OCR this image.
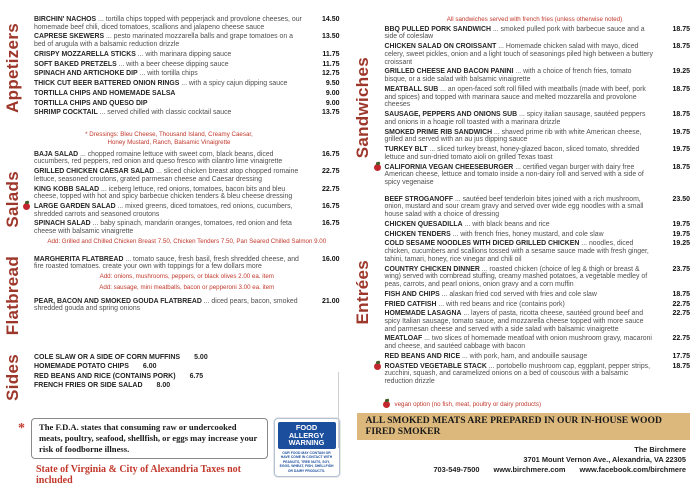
Appetizers
BIRCHIN' NACHOS ... tortilla chips topped with pepperjack and provolone cheeses, our homemade beef chili, diced tomatoes, scallions and jalapeno cheese sauce
14.50
CAPRESE SKEWERS ... pesto marinated mozzarella balls and grape tomatoes on a bed of arugula with a balsamic reduction drizzle
13.50
CRISPY MOZZARELLA STICKS ... with marinara dipping sauce	11.75
SOFT BAKED PRETZELS ... with a beer cheese dipping sauce	11.75
SPINACH AND ARTICHOKE DIP ... with tortilla chips	12.75
THICK CUT BEER BATTERED ONION RINGS ... with a spicy cajun dipping sauce	9.50
TORTILLA CHIPS AND HOMEMADE SALSA	9.00
TORTILLA CHIPS AND QUESO DIP	9.00
SHRIMP COCKTAIL ... served chilled with classic cocktail sauce	13.75
* Dressings: Bleu Cheese, Thousand Island, Creamy Caesar,
Honey Mustard, Ranch, Balsamic Vinaigrette
Salads
BAJA SALAD ... chopped romaine lettuce with sweet corn, black beans, diced cucumbers, red peppers, red onion and queso fresco with cilantro lime vinaigrette
16.75
GRILLED CHICKEN CAESAR SALAD ... sliced chicken breast atop chopped romaine lettuce, seasoned croutons, grated parmesan cheese and Caesar dressing
22.75
KING KOBB SALAD ... iceberg lettuce, red onions, tomatoes, bacon bits and bleu cheese, topped with hot and spicy barbecue chicken tenders & bleu cheese dressing
22.75
LARGE GARDEN SALAD ... mixed greens, diced tomatoes, red onions, cucumbers, shredded carrots and seasoned croutons
16.75
SPINACH SALAD ... baby spinach, mandarin oranges, tomatoes, red onion and feta cheese with balsamic vinaigrette
16.75
Add: Grilled and Chilled Chicken Breast 7.50, Chicken Tenders 7.50, Pan Seared Chilled Salmon 9.00
Flatbread MARGHERITA FLATBREAD ... tomato sauce, fresh basil, fresh shredded cheese, and fire roasted tomatoes. create your own with toppings for a few dollars more
16.00
Add: onions, mushrooms, peppers, or black olives 2.00 ea. item
Add: sausage, mini meatballs, bacon or pepperoni 3.00 ea. item
PEAR, BACON AND SMOKED GOUDA FLATBREAD ... diced pears, bacon, smoked shredded gouda and spring onions
21.00
Sides COLE SLAW OR A SIDE OF CORN MUFFINS 5.00
HOMEMADE POTATO CHIPS 6.00
RED BEANS AND RICE (CONTAINS PORK) 6.75
FRENCH FRIES OR SIDE SALAD 8.00
*	The F.D.A. states that consuming raw or undercooked meats, poultry, seafood, shellfish, or eggs may increase your risk of foodborne illness.
State of Virginia & City of Alexandria Taxes not included
FOOD ALLERGY WARNING
OUR FOOD MAY CONTAIN OR HAVE COME IN CONTACT WITH PEANUTS, TREE NUTS, SOY, EGGS, WHEAT, FISH, SHELLFISH OR DAIRY PRODUCTS.
All sandwiches served with french fries (unless otherwise noted)
Sandwiches
BBQ PULLED PORK SANDWICH ... smoked pulled pork with barbecue sauce and a side of coleslaw
18.75
CHICKEN SALAD ON CROISSANT ... Homemade chicken salad with mayo, diced celery, sweet pickles, onion and a light touch of seasonings piled high between a buttery croissant
18.75
GRILLED CHEESE AND BACON PANINI ... with a choice of french fries, tomato bisque, or a side salad with balsamic vinaigrette
19.25
MEATBALL SUB ... an open-faced soft roll filled with meatballs (made with beef, pork and spices) and topped with marinara sauce and melted mozzarella and provolone cheeses
18.75
SAUSAGE, PEPPERS AND ONIONS SUB ... spicy italian sausage, sautéed peppers and onions in a hoagie roll toasted with a marinara drizzle
18.75
SMOKED PRIME RIB SANDWICH ... shaved prime rib with white American cheese, grilled and served with an au jus dipping sauce
19.75
TURKEY BLT ... sliced turkey breast, honey-glazed bacon, sliced tomato, shredded lettuce and sun-dried tomato aioli on grilled Texas toast
19.75
CALIFORNIA VEGAN CHEESEBURGER ... certified vegan burger with dairy free American cheese, lettuce and tomato inside a non-dairy roll and served with a side of spicy vegenaise
18.75
Entrées
BEEF STROGANOFF ... sautéed beef tenderloin bites joined with a rich mushroom, onion, mustard and sour cream gravy and served over wide egg noodles with a small house salad with a choice of dressing
23.50
CHICKEN QUESADILLA ... with black beans and rice	19.75
CHICKEN TENDERS ... with french fries, honey mustard, and cole slaw	19.75
COLD SESAME NOODLES WITH DICED GRILLED CHICKEN ... noodles, diced chicken, cucumbers and scallions tossed with a sesame sauce made with fresh ginger, tahini, tamari, honey, rice vinegar and chili oil
19.25
COUNTRY CHICKEN DINNER ... roasted chicken (choice of leg & thigh or breast & wing) served with cornbread stuffing, creamy mashed potatoes, a vegetable medley of peas, carrots, and pearl onions, onion gravy and a corn muffin
23.75
FISH AND CHIPS ... alaskan fried cod served with fries and cole slaw	18.75
FRIED CATFISH ... with red beans and rice (contains pork)	22.75
HOMEMADE LASAGNA ... layers of pasta, ricotta cheese, sautéed ground beef and spicy Italian sausage, tomato sauce, and mozzarella cheese topped with more sauce and parmesan cheese and served with a side salad with balsamic vinaigrette
22.75
MEATLOAF ... two slices of homemade meatloaf with onion mushroom gravy, macaroni and cheese, and sautéed cabbage with bacon
22.75
RED BEANS AND RICE ... with pork, ham, and andouille sausage	17.75
ROASTED VEGETABLE STACK ... portobello mushroom cap, eggplant, pepper strips, zucchini, squash, and caramelized onions on a bed of couscous with a balsamic reduction drizzle
18.75
vegan option (no fish, meat, poultry or dairy products)
ALL SMOKED MEATS ARE PREPARED IN OUR IN-HOUSE WOOD FIRED SMOKER
The Birchmere
3701 Mount Vernon Ave., Alexandria, VA 22305
703-549-7500 www.birchmere.com www.facebook.com/birchmere
